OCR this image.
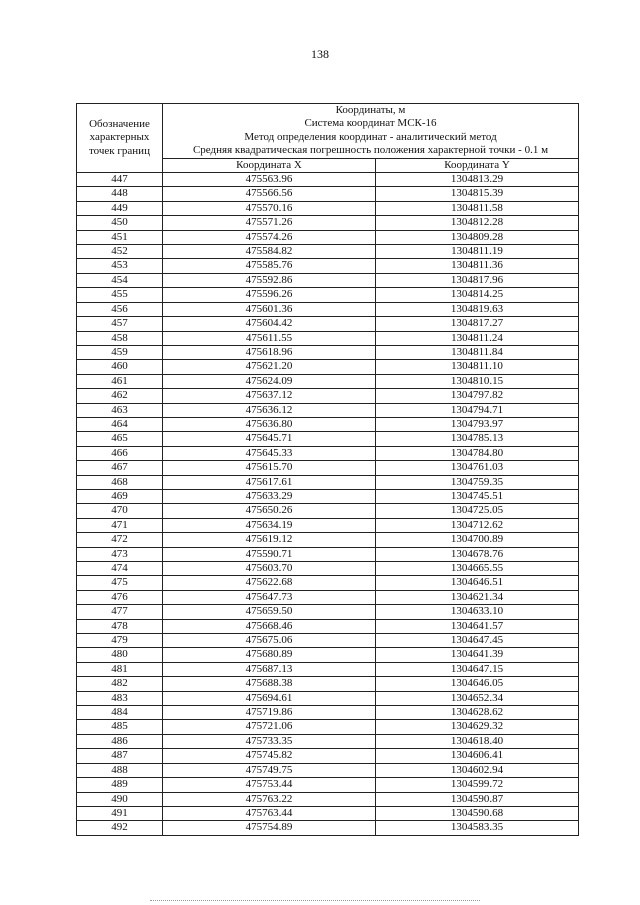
138
Обозначение
характерных
точек границ	Координаты, м
Система координат МСК-16
Метод определения координат - аналитический метод
Средняя квадратическая погрешность положения характерной точки - 0.1 м	

	Координата X	Координата Y
447	475563.96	1304813.29
448	475566.56	1304815.39
449	475570.16	1304811.58
450	475571.26	1304812.28
451	475574.26	1304809.28
452	475584.82	1304811.19
453	475585.76	1304811.36
454	475592.86	1304817.96
455	475596.26	1304814.25
456	475601.36	1304819.63
457	475604.42	1304817.27
458	475611.55	1304811.24
459	475618.96	1304811.84
460	475621.20	1304811.10
461	475624.09	1304810.15
462	475637.12	1304797.82
463	475636.12	1304794.71
464	475636.80	1304793.97
465	475645.71	1304785.13
466	475645.33	1304784.80
467	475615.70	1304761.03
468	475617.61	1304759.35
469	475633.29	1304745.51
470	475650.26	1304725.05
471	475634.19	1304712.62
472	475619.12	1304700.89
473	475590.71	1304678.76
474	475603.70	1304665.55
475	475622.68	1304646.51
476	475647.73	1304621.34
477	475659.50	1304633.10
478	475668.46	1304641.57
479	475675.06	1304647.45
480	475680.89	1304641.39
481	475687.13	1304647.15
482	475688.38	1304646.05
483	475694.61	1304652.34
484	475719.86	1304628.62
485	475721.06	1304629.32
486	475733.35	1304618.40
487	475745.82	1304606.41
488	475749.75	1304602.94
489	475753.44	1304599.72
490	475763.22	1304590.87
491	475763.44	1304590.68
492	475754.89	1304583.35
